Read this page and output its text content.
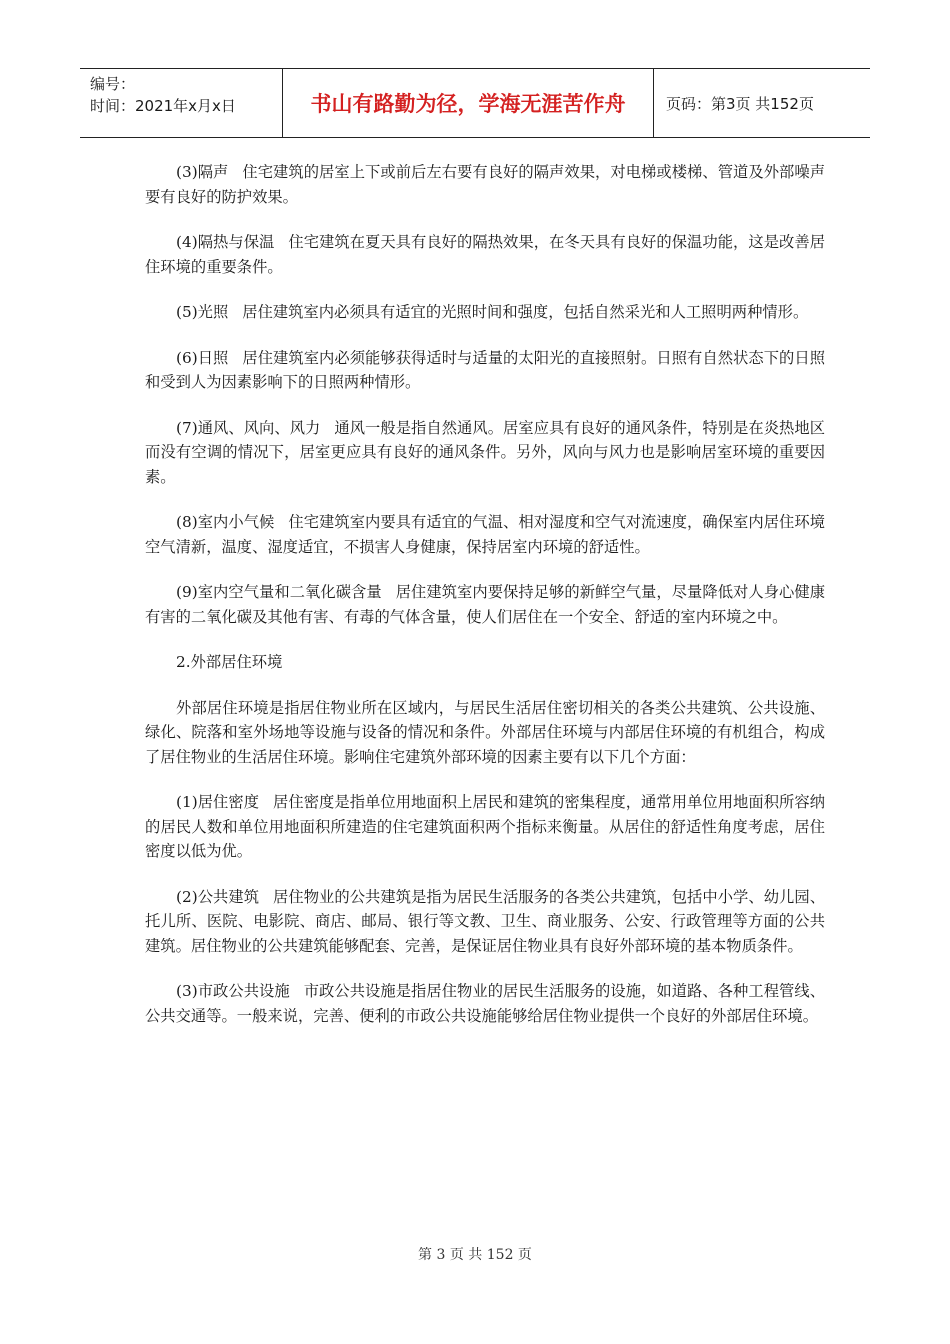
编号：
时间：2021年x月x日	书山有路勤为径，学海无涯苦作舟	页码：第3页 共152页

(3)隔声 住宅建筑的居室上下或前后左右要有良好的隔声效果，对电梯或楼梯、管道及外部噪声要有良好的防护效果。

(4)隔热与保温 住宅建筑在夏天具有良好的隔热效果，在冬天具有良好的保温功能，这是改善居住环境的重要条件。

(5)光照 居住建筑室内必须具有适宜的光照时间和强度，包括自然采光和人工照明两种情形。

(6)日照 居住建筑室内必须能够获得适时与适量的太阳光的直接照射。日照有自然状态下的日照和受到人为因素影响下的日照两种情形。

(7)通风、风向、风力 通风一般是指自然通风。居室应具有良好的通风条件，特别是在炎热地区而没有空调的情况下，居室更应具有良好的通风条件。另外，风向与风力也是影响居室环境的重要因素。

(8)室内小气候 住宅建筑室内要具有适宜的气温、相对湿度和空气对流速度，确保室内居住环境空气清新，温度、湿度适宜，不损害人身健康，保持居室内环境的舒适性。

(9)室内空气量和二氧化碳含量 居住建筑室内要保持足够的新鲜空气量，尽量降低对人身心健康有害的二氧化碳及其他有害、有毒的气体含量，使人们居住在一个安全、舒适的室内环境之中。

2.外部居住环境

外部居住环境是指居住物业所在区域内，与居民生活居住密切相关的各类公共建筑、公共设施、绿化、院落和室外场地等设施与设备的情况和条件。外部居住环境与内部居住环境的有机组合，构成了居住物业的生活居住环境。影响住宅建筑外部环境的因素主要有以下几个方面：

(1)居住密度 居住密度是指单位用地面积上居民和建筑的密集程度，通常用单位用地面积所容纳的居民人数和单位用地面积所建造的住宅建筑面积两个指标来衡量。从居住的舒适性角度考虑，居住密度以低为优。

(2)公共建筑 居住物业的公共建筑是指为居民生活服务的各类公共建筑，包括中小学、幼儿园、托儿所、医院、电影院、商店、邮局、银行等文教、卫生、商业服务、公安、行政管理等方面的公共建筑。居住物业的公共建筑能够配套、完善，是保证居住物业具有良好外部环境的基本物质条件。

(3)市政公共设施 市政公共设施是指居住物业的居民生活服务的设施，如道路、各种工程管线、公共交通等。一般来说，完善、便利的市政公共设施能够给居住物业提供一个良好的外部居住环境。

第 3 页 共 152 页
